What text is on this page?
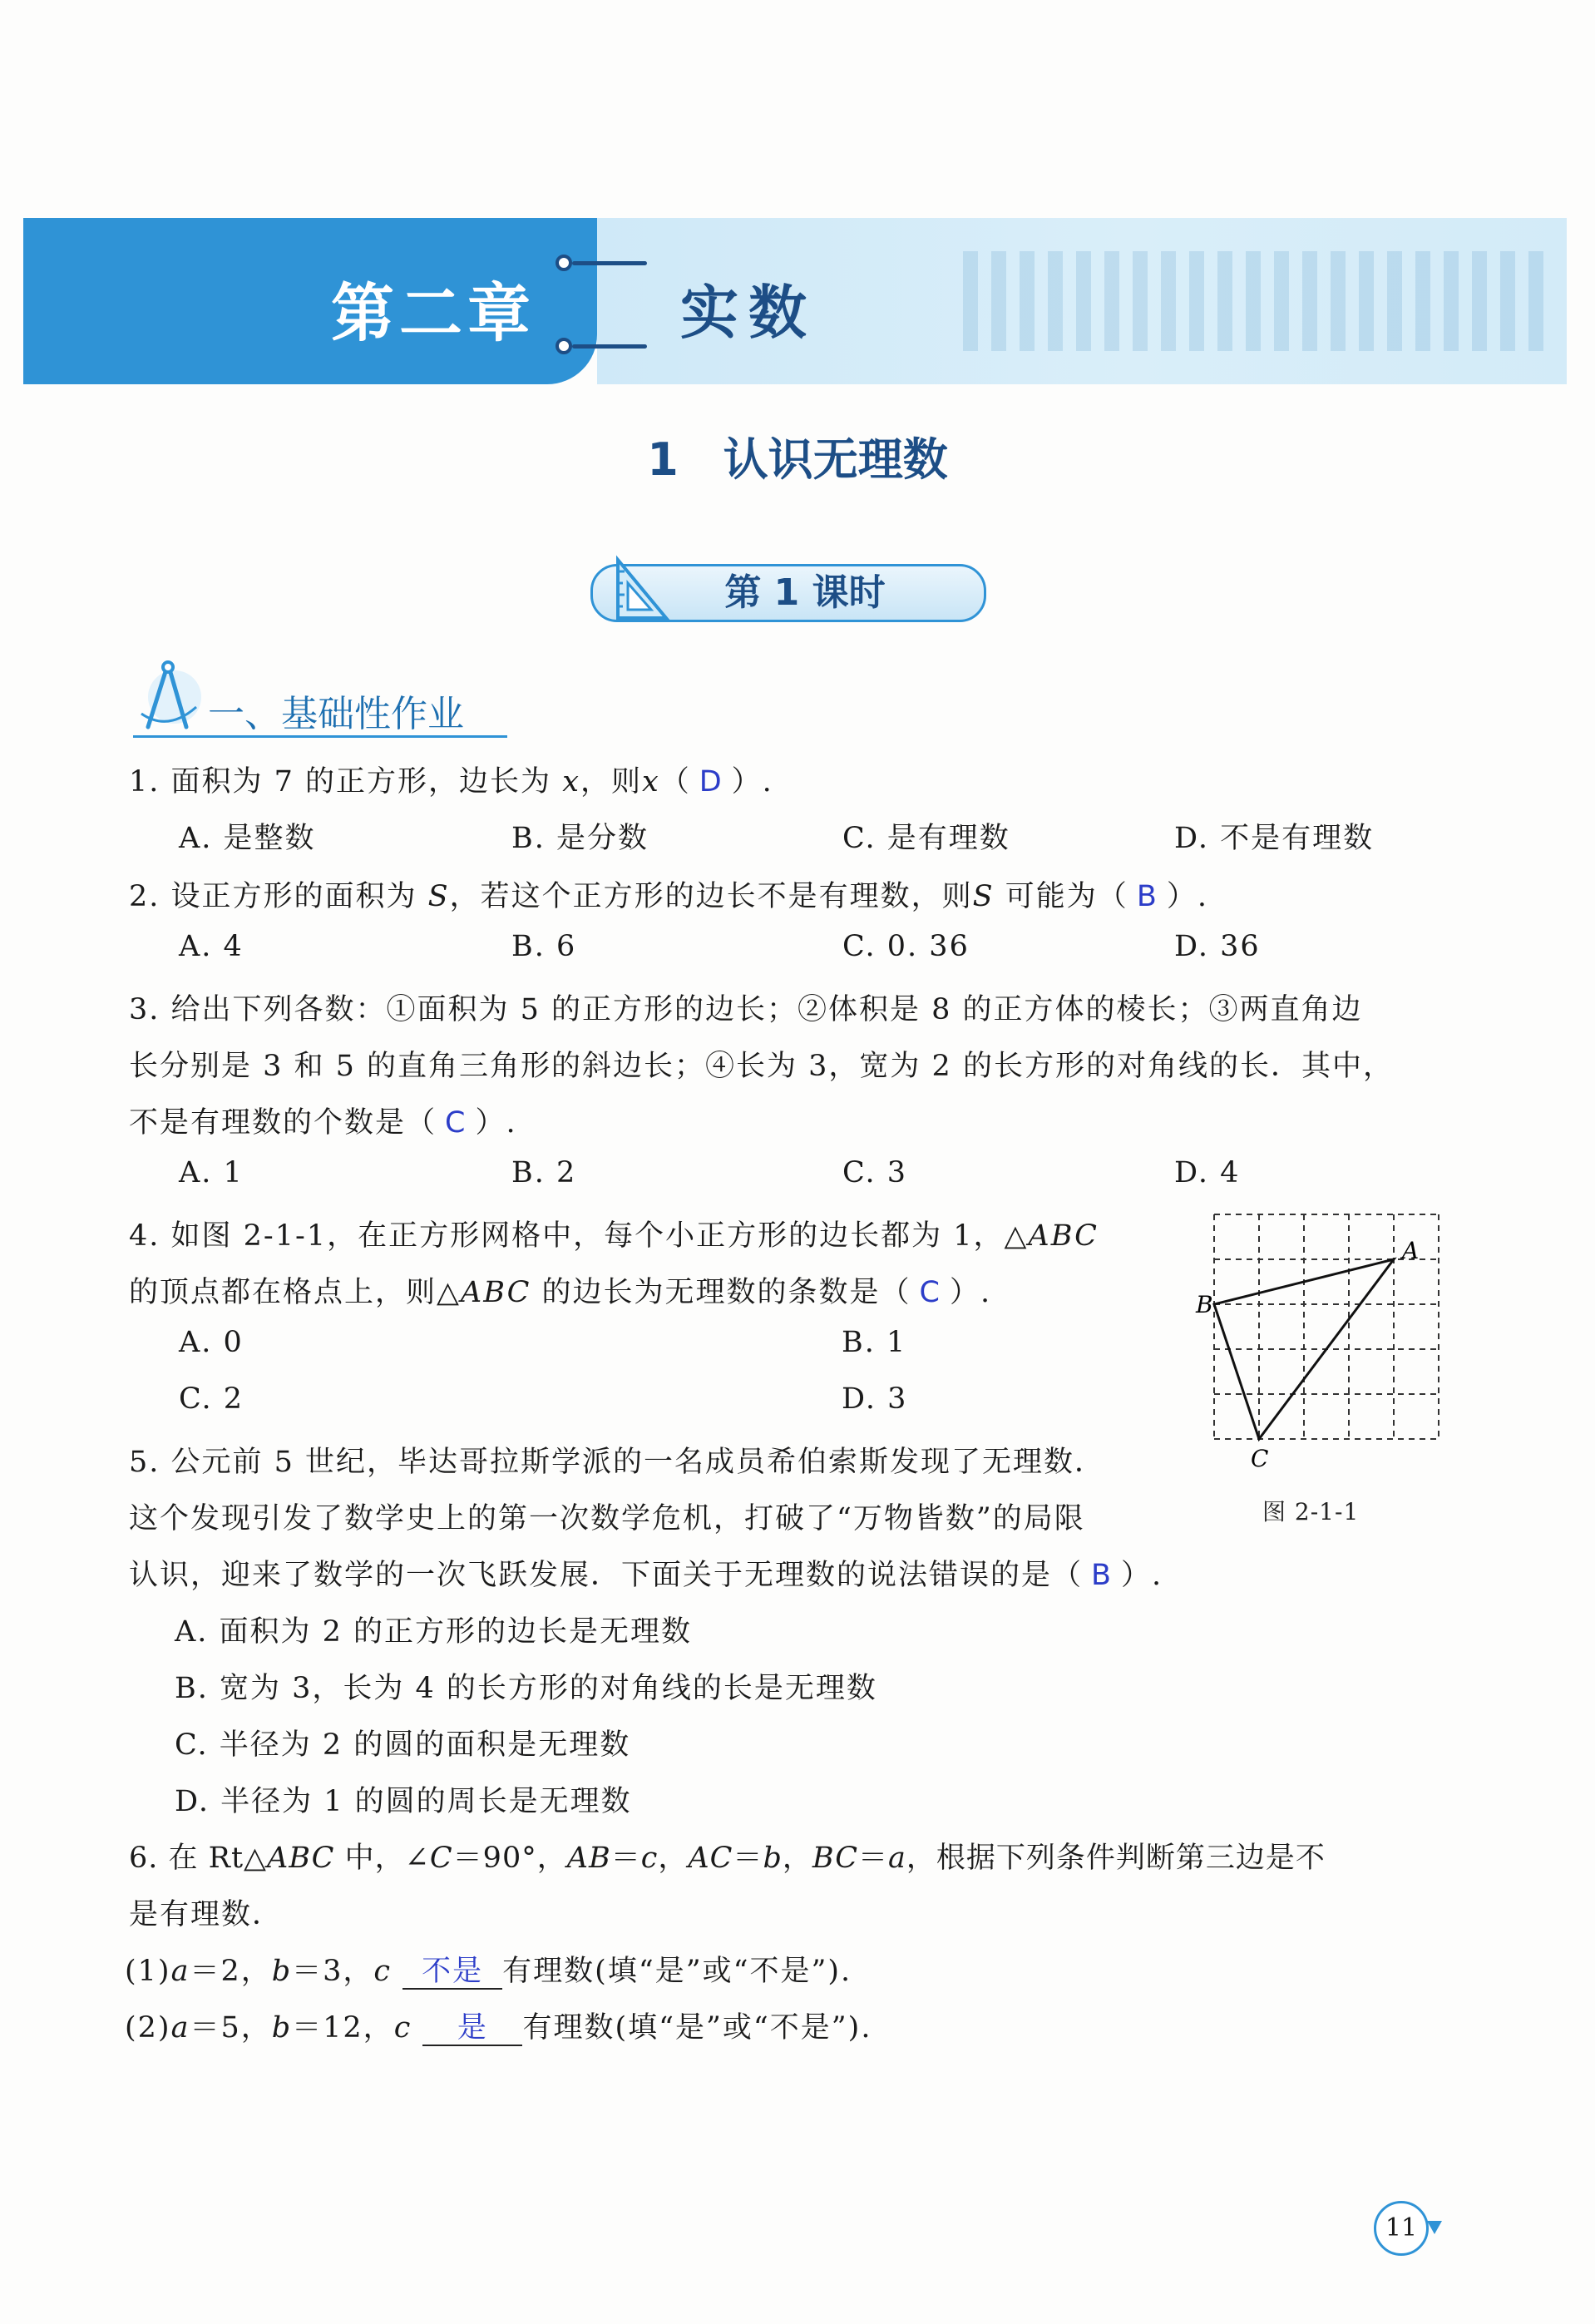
第二章 实数
1　认识无理数
第 1 课时
一、基础性作业
1. 面积为 7 的正方形，边长为 x，则x（ D ）.
A. 是整数	B. 是分数	C. 是有理数	D. 不是有理数
2. 设正方形的面积为 S，若这个正方形的边长不是有理数，则S 可能为（ B ）.
A. 4	B. 6	C. 0. 36	D. 36
3. 给出下列各数：①面积为 5 的正方形的边长；②体积是 8 的正方体的棱长；③两直角边
长分别是 3 和 5 的直角三角形的斜边长；④长为 3，宽为 2 的长方形的对角线的长．其中，
不是有理数的个数是（ C ）.
A. 1	B. 2	C. 3	D. 4
4. 如图 2-1-1，在正方形网格中，每个小正方形的边长都为 1，△ABC
的顶点都在格点上，则△ABC 的边长为无理数的条数是（ C ）.
A. 0	B. 1
C. 2	D. 3
A
B
C
图 2-1-1
5. 公元前 5 世纪，毕达哥拉斯学派的一名成员希伯索斯发现了无理数．
这个发现引发了数学史上的第一次数学危机，打破了“万物皆数”的局限
认识，迎来了数学的一次飞跃发展．下面关于无理数的说法错误的是（ B ）.
A. 面积为 2 的正方形的边长是无理数
B. 宽为 3，长为 4 的长方形的对角线的长是无理数
C. 半径为 2 的圆的面积是无理数
D. 半径为 1 的圆的周长是无理数
6. 在 Rt△ABC 中，∠C＝90°，AB＝c，AC＝b，BC＝a，根据下列条件判断第三边是不
是有理数．
(1)a＝2，b＝3，c 不是 有理数(填“是”或“不是”).
(2)a＝5，b＝12，c 是 有理数(填“是”或“不是”).
11
